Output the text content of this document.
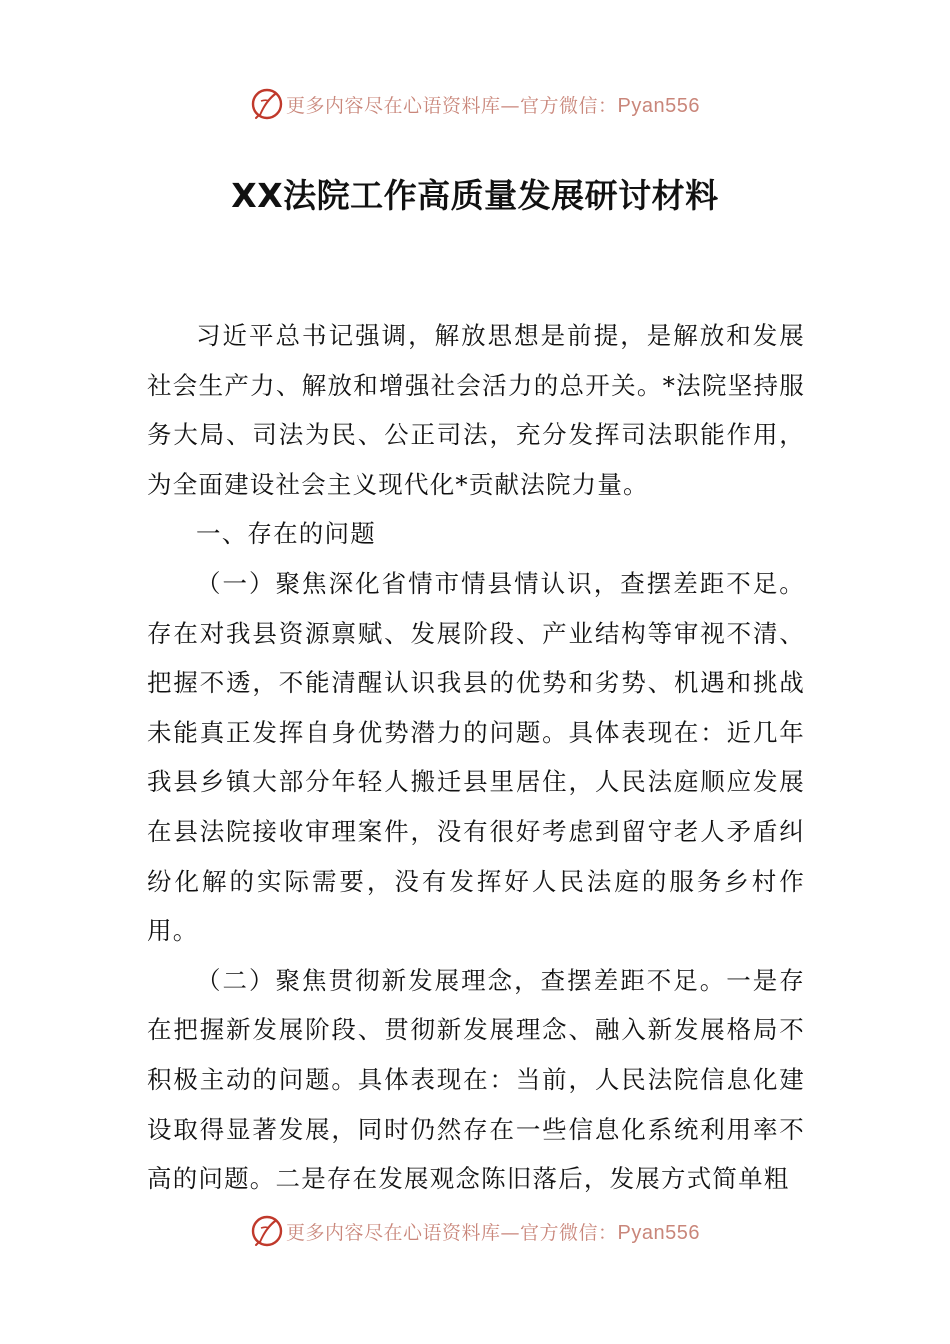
更多内容尽在心语资料库—官方微信：Pyan556
XX法院工作高质量发展研讨材料

习近平总书记强调，解放思想是前提，是解放和发展社会生产力、解放和增强社会活力的总开关。*法院坚持服务大局、司法为民、公正司法，充分发挥司法职能作用，为全面建设社会主义现代化*贡献法院力量。

一、存在的问题

（一）聚焦深化省情市情县情认识，查摆差距不足。存在对我县资源禀赋、发展阶段、产业结构等审视不清、把握不透，不能清醒认识我县的优势和劣势、机遇和挑战未能真正发挥自身优势潜力的问题。具体表现在：近几年我县乡镇大部分年轻人搬迁县里居住，人民法庭顺应发展在县法院接收审理案件，没有很好考虑到留守老人矛盾纠纷化解的实际需要，没有发挥好人民法庭的服务乡村作用。

（二）聚焦贯彻新发展理念，查摆差距不足。一是存在把握新发展阶段、贯彻新发展理念、融入新发展格局不积极主动的问题。具体表现在：当前，人民法院信息化建设取得显著发展，同时仍然存在一些信息化系统利用率不高的问题。二是存在发展观念陈旧落后，发展方式简单粗

更多内容尽在心语资料库—官方微信：Pyan556
